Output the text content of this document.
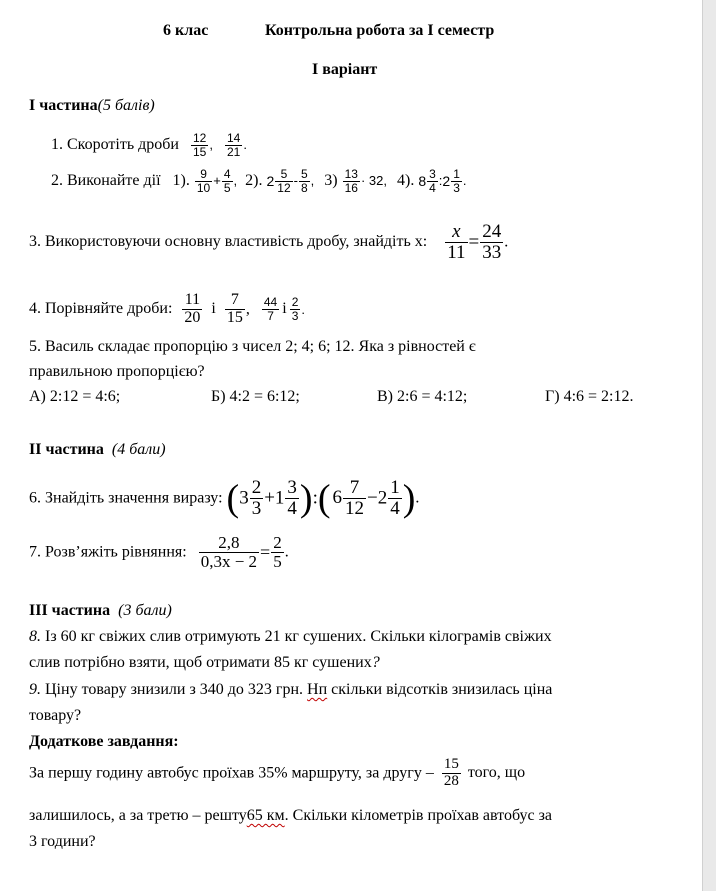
6 клас	Контрольна робота за І семестр
І варіант
І частина(5 балів)
1. Скоротіть дроби $\frac{12}{15}$ , $\frac{14}{21}$ .
2. Виконайте дії 1). $\frac{9}{10} + \frac{4}{5}$ , 2). $2 \frac{5}{12} - \frac{5}{8}$ , $3) \frac{13}{16} \cdot 32$, 4). $8 \frac{3}{4}$ :2 $\frac{1}{3}$ .
3. Використовуючи основну властивість дробу, знайдіть х: $\frac{x}{11} = \frac{24}{33}$ .
4. Порівняйте дроби: $\frac{11}{20}$ і $\frac{7}{15}$ , $\frac{44}{7}$ і $\frac{2}{3}$ .
5. Василь складає пропорцію з чисел 2; 4; 6; 12. Яка з рівностей є
правильною пропорцією?
А) 2:12 = 4:6;	Б) 4:2 = 6:12;	В) 2:6 = 4:12;	Г) 4:6 = 2:12.
ІІ частина (4 бали)
6. Знайдіть значення виразу: ($3 \frac{2}{3} +1 \frac{3}{4}$ ):( $6 \frac{7}{12} -2 \frac{1}{4}$ ).
7. Розв’яжіть рівняння: $\frac{2,8}{0,3x - 2} = \frac{2}{5}$ .
ІІІ частина (3 бали)
8. Із 60 кг свіжих слив отримують 21 кг сушених. Скільки кілограмів свіжих
слив потрібно взяти, щоб отримати 85 кг сушених?
9. Ціну товару знизили з 340 до 323 грн. Нп скільки відсотків знизилась ціна
товару?
Додаткове завдання:
За першу годину автобус проїхав 35% маршруту, за другу – $\frac{15}{28}$ того, що
залишилось, а за третю – решту65 км. Скільки кілометрів проїхав автобус за
3 години?
